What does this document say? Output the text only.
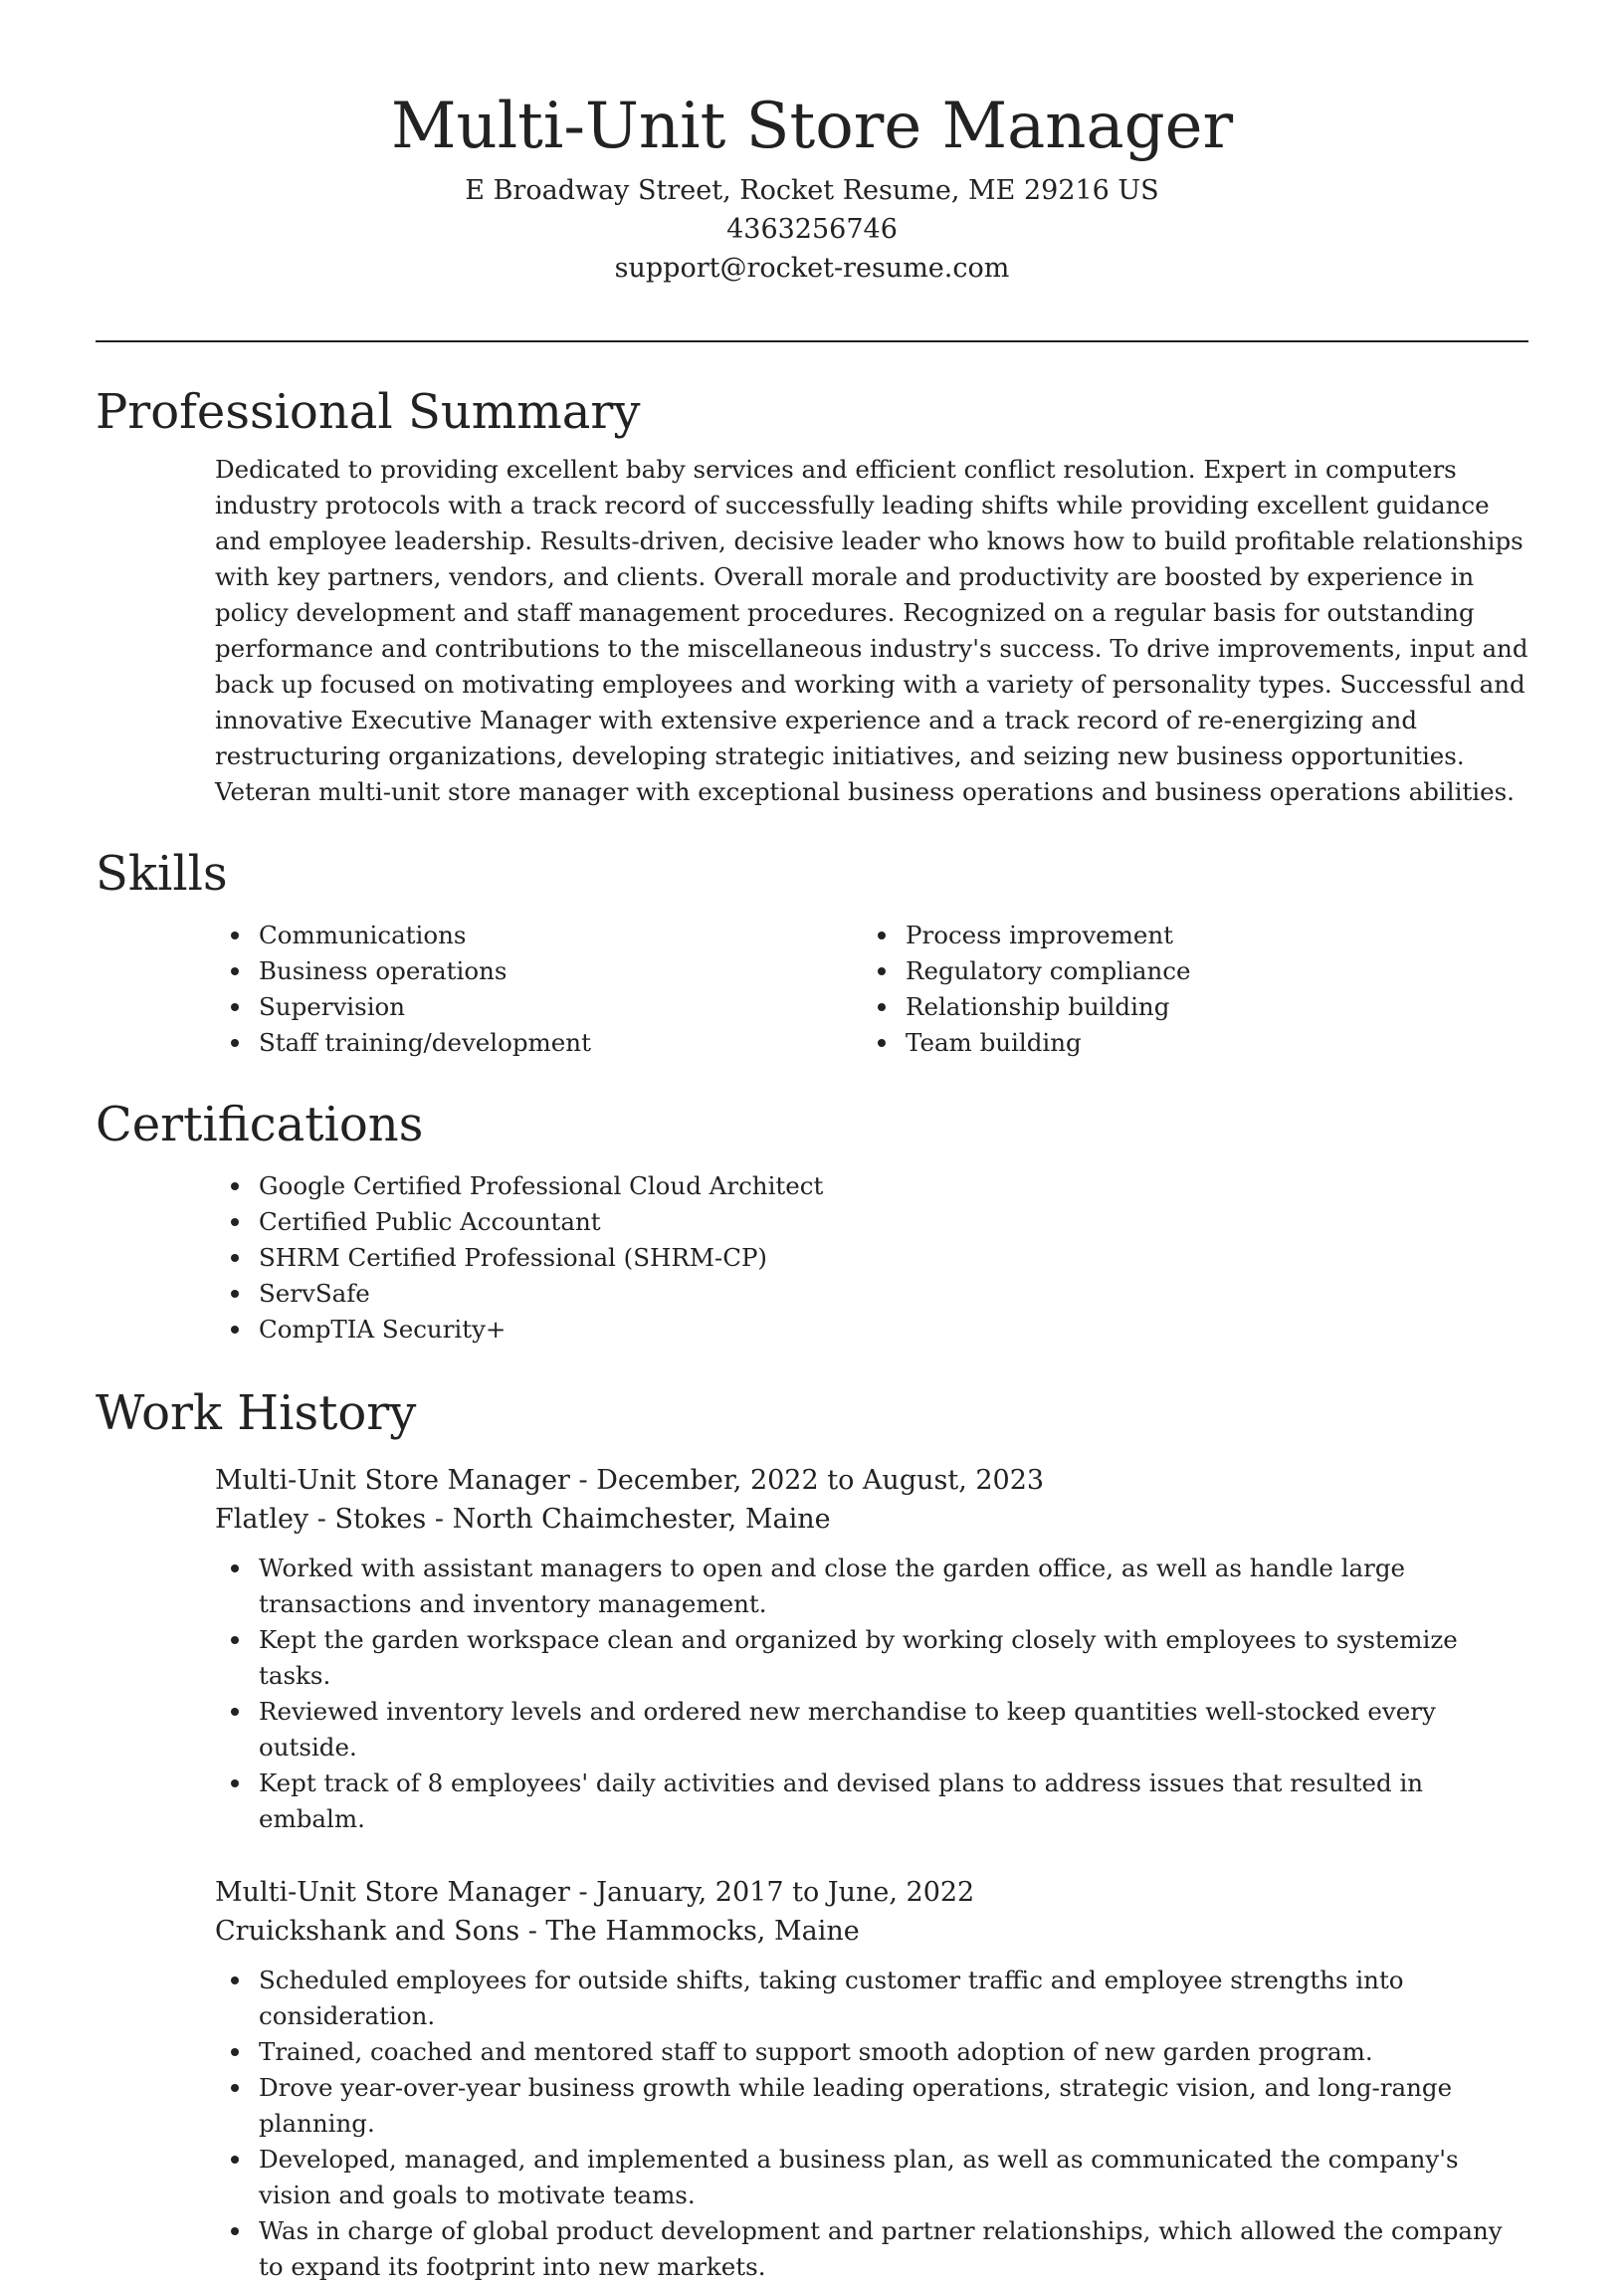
Multi-Unit Store Manager
E Broadway Street, Rocket Resume, ME 29216 US
4363256746
support@rocket-resume.com
Professional Summary

Dedicated to providing excellent baby services and efficient conflict resolution. Expert in computers industry protocols with a track record of successfully leading shifts while providing excellent guidance and employee leadership. Results-driven, decisive leader who knows how to build profitable relationships with key partners, vendors, and clients. Overall morale and productivity are boosted by experience in policy development and staff management procedures. Recognized on a regular basis for outstanding performance and contributions to the miscellaneous industry's success. To drive improvements, input and back up focused on motivating employees and working with a variety of personality types. Successful and innovative Executive Manager with extensive experience and a track record of re-energizing and restructuring organizations, developing strategic initiatives, and seizing new business opportunities. Veteran multi-unit store manager with exceptional business operations and business operations abilities.

Skills
Communications
Business operations
Supervision
Staff training/development
Process improvement
Regulatory compliance
Relationship building
Team building
Certifications
Google Certified Professional Cloud Architect
Certified Public Accountant
SHRM Certified Professional (SHRM-CP)
ServSafe
CompTIA Security+
Work History
Multi-Unit Store Manager - December, 2022 to August, 2023
Flatley - Stokes - North Chaimchester, Maine
Worked with assistant managers to open and close the garden office, as well as handle large transactions and inventory management.
Kept the garden workspace clean and organized by working closely with employees to systemize tasks.
Reviewed inventory levels and ordered new merchandise to keep quantities well-stocked every outside.
Kept track of 8 employees' daily activities and devised plans to address issues that resulted in embalm.
Multi-Unit Store Manager - January, 2017 to June, 2022
Cruickshank and Sons - The Hammocks, Maine
Scheduled employees for outside shifts, taking customer traffic and employee strengths into consideration.
Trained, coached and mentored staff to support smooth adoption of new garden program.
Drove year-over-year business growth while leading operations, strategic vision, and long-range planning.
Developed, managed, and implemented a business plan, as well as communicated the company's vision and goals to motivate teams.
Was in charge of global product development and partner relationships, which allowed the company to expand its footprint into new markets.
